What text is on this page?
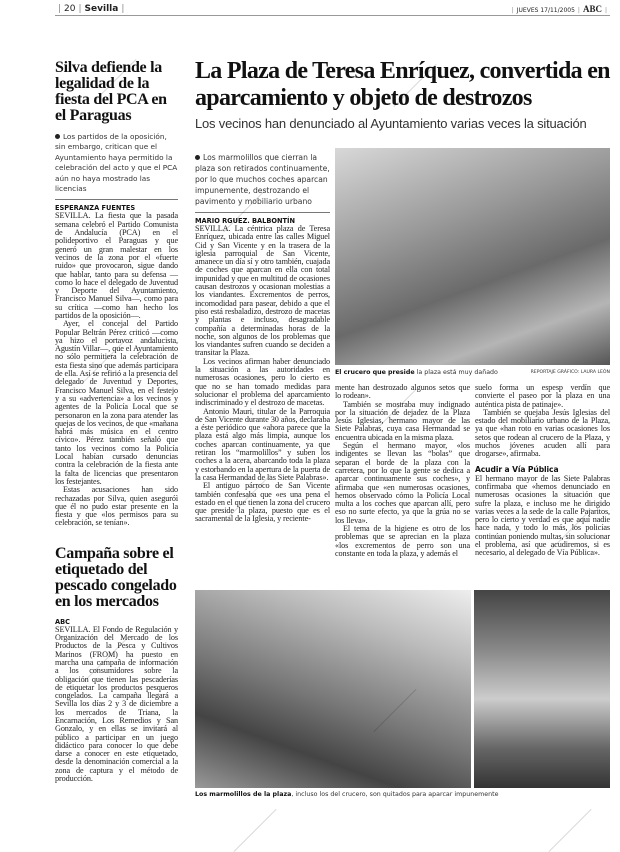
| 20 | Sevilla |	| JUEVES 17/11/2005 | ABC |
Silva defiende la legalidad de la fiesta del PCA en el Paraguas
Los partidos de la oposición, sin embargo, critican que el Ayuntamiento haya permitido la celebración del acto y que el PCA aún no haya mostrado las licencias
ESPERANZA FUENTES

SEVILLA. La fiesta que la pasada semana celebró el Partido Comunista de Andalucía (PCA) en el polideportivo el Paraguas y que generó un gran malestar en los vecinos de la zona por el «fuerte ruido» que provocaron, sigue dando que hablar, tanto para su defensa —como lo hace el delegado de Juventud y Deporte del Ayuntamiento, Francisco Manuel Silva—, como para su crítica —como han hecho los partidos de la oposición—.

Ayer, el concejal del Partido Popular Beltrán Pérez criticó —como ya hizo el portavoz andalucista, Agustín Villar—, que el Ayuntamiento no sólo permitiera la celebración de esta fiesta sino que además participara de ella. Así se refirió a la presencia del delegado de Juventud y Deportes, Francisco Manuel Silva, en el festejo y a su «advertencia» a los vecinos y agentes de la Policía Local que se personaron en la zona para atender las quejas de los vecinos, de que «mañana habrá más música en el centro cívico». Pérez también señaló que tanto los vecinos como la Policía Local habían cursado denuncias contra la celebración de la fiesta ante la falta de licencias que presentaron los festejantes.

Estas acusaciones han sido rechazadas por Silva, quien aseguróì que él no pudo estar presente en la fiesta y que «los permisos para su celebración, se tenían».

Campaña sobre el etiquetado del pescado congelado en los mercados
ABC

SEVILLA. El Fondo de Regulación y Organización del Mercado de los Productos de la Pesca y Cultivos Marinos (FROM) ha puesto en marcha una campaña de información a los consumidores sobre la obligación que tienen las pescaderías de etiquetar los productos pesqueros congelados. La campaña llegará a Sevilla los días 2 y 3 de diciembre a los mercados de Triana, la Encarnación, Los Remedios y San Gonzalo, y en ellas se invitará al público a participar en un juego didáctico para conocer lo que debe darse a conocer en este etiquetado, desde la denominación comercial a la zona de captura y el método de producción.

La Plaza de Teresa Enríquez, convertida en aparcamiento y objeto de destrozos
Los vecinos han denunciado al Ayuntamiento varias veces la situación
Los marmolillos que cierran la plaza son retirados continuamente, por lo que muchos coches aparcan impunemente, destrozando el pavimento y mobiliario urbano
MARIO RGUEZ. BALBONTÍN

SEVILLA. La céntrica plaza de Teresa Enríquez, ubicada entre las calles Miguel Cid y San Vicente y en la trasera de la iglesia parroquial de San Vicente, amanece un día sí y otro también, cuajada de coches que aparcan en ella con total impunidad y que en multitud de ocasiones causan destrozos y ocasionan molestias a los viandantes. Excrementos de perros, incomodidad para pasear, debido a que el piso está resbaladizo, destrozo de macetas y plantas e incluso, desagradable compañía a determinadas horas de la noche, son algunos de los problemas que los viandantes sufren cuando se deciden a transitar la Plaza.

Los vecinos afirman haber denunciado la situación a las autoridades en numerosas ocasiones, pero lo cierto es que no se han tomado medidas para solucionar el problema del aparcamiento indiscriminado y el destrozo de macetas.

Antonio Mauri, titular de la Parroquia de San Vicente durante 30 años, declaraba a éste periódico que «ahora parece que la plaza está algo más limpia, aunque los coches aparcan continuamente, ya que retiran los “marmolillos” y suben los coches a la acera, abarcando toda la plaza y estorbando en la apertura de la puerta de la casa Hermandad de las Siete Palabras».

El antiguo párroco de San Vicente también confesaba que «es una pena el estado en el que tienen la zona del crucero que preside la plaza, puesto que es el sacramental de la Iglesia, y reciente-

El crucero que preside la plaza está muy dañado	REPORTAJE GRÁFICO: LAURA LEÓN

mente han destrozado algunos setos que lo rodean».

También se mostraba muy indignado por la situación de dejadez de la Plaza Jesús Iglesias, hermano mayor de las Siete Palabras, cuya casa Hermandad se encuentra ubicada en la misma plaza.

Según el hermano mayor, «los indigentes se llevan las “bolas” que separan el borde de la plaza con la carretera, por lo que la gente se dedica a aparcar continuamente sus coches», y afirmaba que «en numerosas ocasiones, hemos observado cómo la Policía Local multa a los coches que aparcan allí, pero eso no surte efecto, ya que la grúa no se los lleva».

El tema de la higiene es otro de los problemas que se aprecian en la plaza «los excrementos de perro son una constante en toda la plaza, y además el

suelo forma un espesp verdín que convierte el paseo por la plaza en una auténtica pista de patinaje».

También se quejaba Jesús Iglesias del estado del mobiliario urbano de la Plaza, ya que «han roto en varias ocasiones los setos que rodean al crucero de la Plaza, y muchos jóvenes acuden allí para drogarse», afirmaba.

Acudir a Vía Pública

El hermano mayor de las Siete Palabras confirmaba que «hemos denunciado en numerosas ocasiones la situación que sufre la plaza, e incluso me he dirigido varias veces a la sede de la calle Pajaritos, pero lo cierto y verdad es que aquí nadie hace nada, y todo lo más, los policías continúan poniendo multas, sin solucionar el problema, así que acudiremos, si es necesario, al delegado de Vía Pública».

Los marmolillos de la plaza, incluso los del crucero, son quitados para aparcar impunemente
